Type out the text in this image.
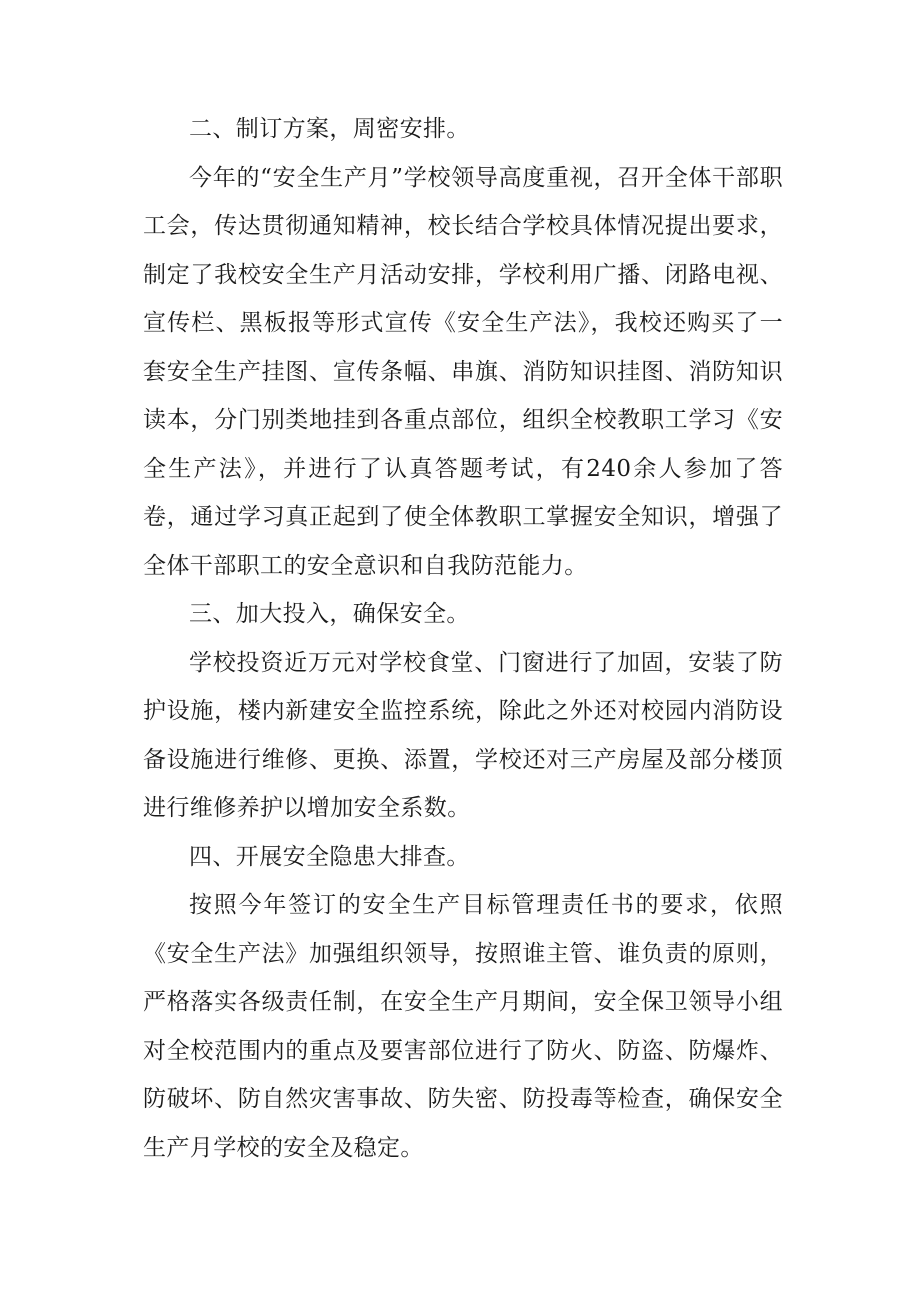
二、制订方案，周密安排。

今年的“安全生产月”学校领导高度重视，召开全体干部职工会，传达贯彻通知精神，校长结合学校具体情况提出要求，制定了我校安全生产月活动安排，学校利用广播、闭路电视、宣传栏、黑板报等形式宣传《安全生产法》，我校还购买了一套安全生产挂图、宣传条幅、串旗、消防知识挂图、消防知识读本，分门别类地挂到各重点部位，组织全校教职工学习《安全生产法》，并进行了认真答题考试，有240余人参加了答卷，通过学习真正起到了使全体教职工掌握安全知识，增强了全体干部职工的安全意识和自我防范能力。

三、加大投入，确保安全。

学校投资近万元对学校食堂、门窗进行了加固，安装了防护设施，楼内新建安全监控系统，除此之外还对校园内消防设备设施进行维修、更换、添置，学校还对三产房屋及部分楼顶进行维修养护以增加安全系数。

四、开展安全隐患大排查。

按照今年签订的安全生产目标管理责任书的要求，依照《安全生产法》加强组织领导，按照谁主管、谁负责的原则，严格落实各级责任制，在安全生产月期间，安全保卫领导小组对全校范围内的重点及要害部位进行了防火、防盗、防爆炸、防破坏、防自然灾害事故、防失密、防投毒等检查，确保安全生产月学校的安全及稳定。
